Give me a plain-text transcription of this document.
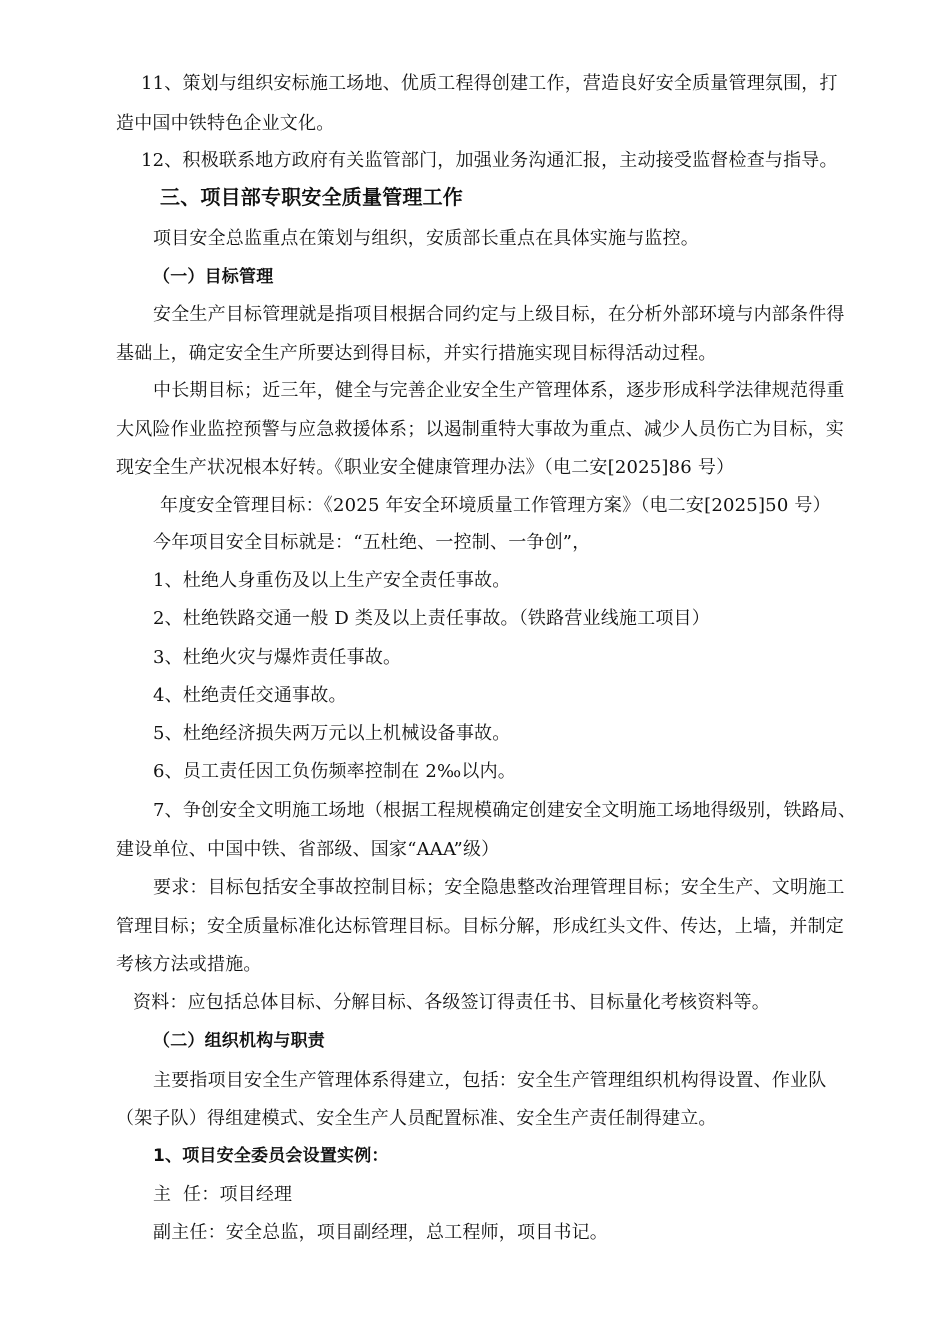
11、策划与组织安标施工场地、优质工程得创建工作，营造良好安全质量管理氛围，打
造中国中铁特色企业文化。
12、积极联系地方政府有关监管部门，加强业务沟通汇报，主动接受监督检查与指导。
三、项目部专职安全质量管理工作
项目安全总监重点在策划与组织，安质部长重点在具体实施与监控。
（一）目标管理
安全生产目标管理就是指项目根据合同约定与上级目标，在分析外部环境与内部条件得
基础上，确定安全生产所要达到得目标，并实行措施实现目标得活动过程。
中长期目标；近三年，健全与完善企业安全生产管理体系，逐步形成科学法律规范得重
大风险作业监控预警与应急救援体系；以遏制重特大事故为重点、减少人员伤亡为目标，实
现安全生产状况根本好转。《职业安全健康管理办法》（电二安[2025]86 号）
年度安全管理目标：《2025 年安全环境质量工作管理方案》（电二安[2025]50 号）
今年项目安全目标就是：“五杜绝、一控制、一争创”，
1、杜绝人身重伤及以上生产安全责任事故。
2、杜绝铁路交通一般 D 类及以上责任事故。（铁路营业线施工项目）
3、杜绝火灾与爆炸责任事故。
4、杜绝责任交通事故。
5、杜绝经济损失两万元以上机械设备事故。
6、员工责任因工负伤频率控制在 2‰以内。
7、争创安全文明施工场地（根据工程规模确定创建安全文明施工场地得级别，铁路局、
建设单位、中国中铁、省部级、国家“AAA”级）
要求：目标包括安全事故控制目标；安全隐患整改治理管理目标；安全生产、文明施工
管理目标；安全质量标准化达标管理目标。目标分解，形成红头文件、传达，上墙，并制定
考核方法或措施。
资料：应包括总体目标、分解目标、各级签订得责任书、目标量化考核资料等。
（二）组织机构与职责
主要指项目安全生产管理体系得建立，包括：安全生产管理组织机构得设置、作业队
（架子队）得组建模式、安全生产人员配置标准、安全生产责任制得建立。
1、项目安全委员会设置实例：
主  任：项目经理
副主任：安全总监，项目副经理，总工程师，项目书记。
